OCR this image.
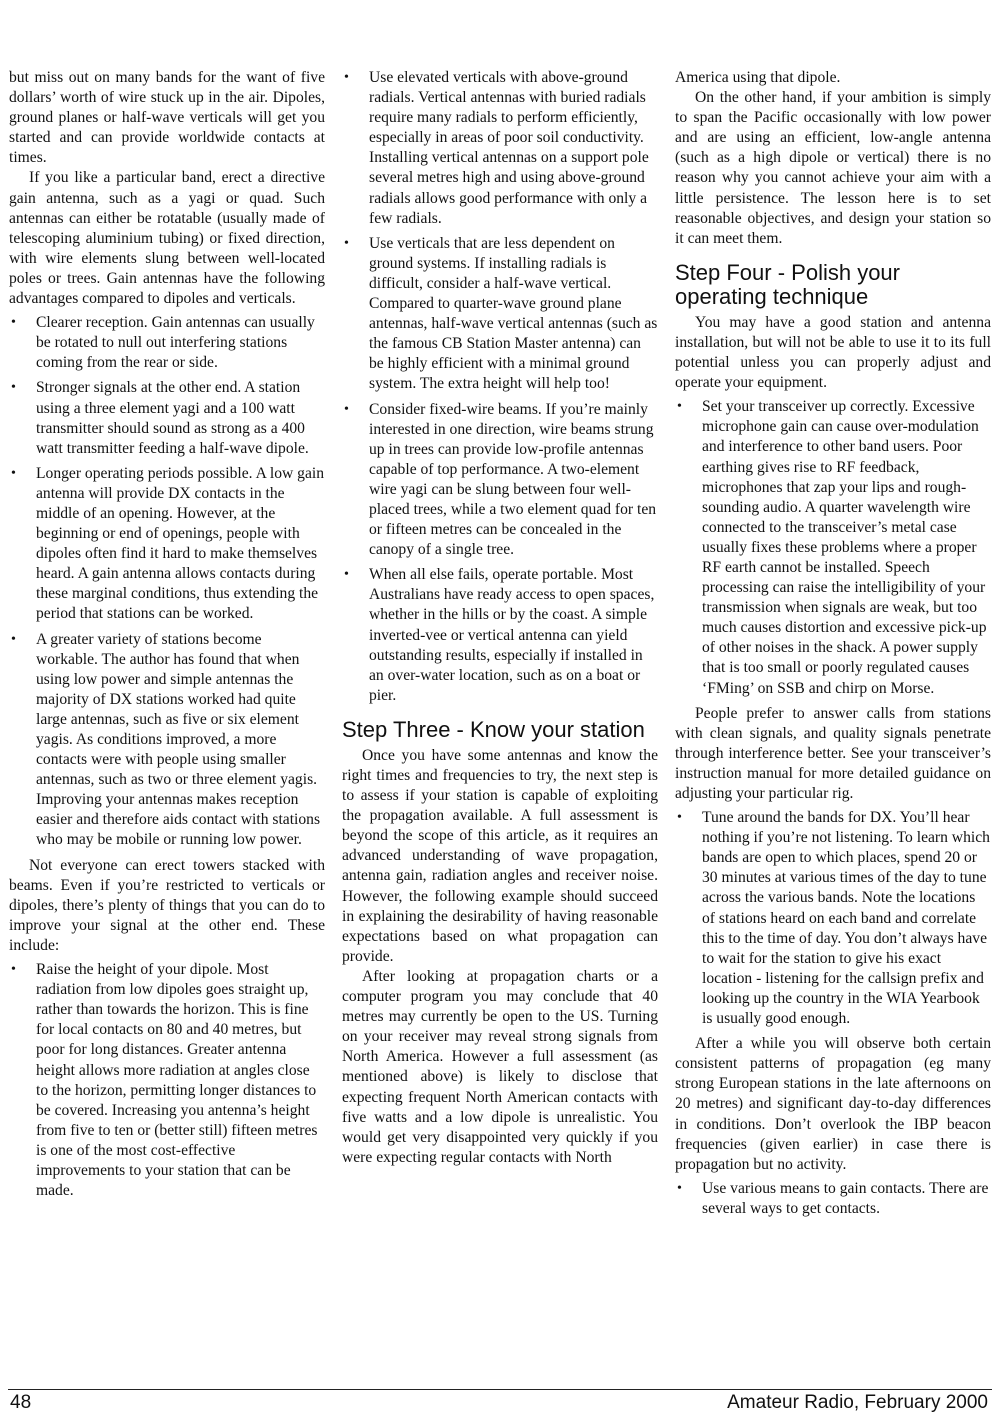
but miss out on many bands for the want of five dollars’ worth of wire stuck up in the air. Dipoles, ground planes or half-wave verticals will get you started and can provide worldwide contacts at times.

If you like a particular band, erect a directive gain antenna, such as a yagi or quad. Such antennas can either be rotatable (usually made of telescoping aluminium tubing) or fixed direction, with wire elements slung between well-located poles or trees. Gain antennas have the following advantages compared to dipoles and verticals.

• Clearer reception. Gain antennas can usually be rotated to null out interfering stations coming from the rear or side.
• Stronger signals at the other end. A station using a three element yagi and a 100 watt transmitter should sound as strong as a 400 watt transmitter feeding a half-wave dipole.
• Longer operating periods possible. A low gain antenna will provide DX contacts in the middle of an opening. However, at the beginning or end of openings, people with dipoles often find it hard to make themselves heard. A gain antenna allows contacts during these marginal conditions, thus extending the period that stations can be worked.
• A greater variety of stations become workable. The author has found that when using low power and simple antennas the majority of DX stations worked had quite large antennas, such as five or six element yagis. As conditions improved, a more contacts were with people using smaller antennas, such as two or three element yagis. Improving your antennas makes reception easier and therefore aids contact with stations who may be mobile or running low power.

Not everyone can erect towers stacked with beams. Even if you’re restricted to verticals or dipoles, there’s plenty of things that you can do to improve your signal at the other end. These include:

• Raise the height of your dipole. Most radiation from low dipoles goes straight up, rather than towards the horizon. This is fine for local contacts on 80 and 40 metres, but poor for long distances. Greater antenna height allows more radiation at angles close to the horizon, permitting longer distances to be covered. Increasing you antenna’s height from five to ten or (better still) fifteen metres is one of the most cost-effective improvements to your station that can be made.
• Use elevated verticals with above-ground radials. Vertical antennas with buried radials require many radials to perform efficiently, especially in areas of poor soil conductivity. Installing vertical antennas on a support pole several metres high and using above-ground radials allows good performance with only a few radials.
• Use verticals that are less dependent on ground systems. If installing radials is difficult, consider a half-wave vertical. Compared to quarter-wave ground plane antennas, half-wave vertical antennas (such as the famous CB Station Master antenna) can be highly efficient with a minimal ground system. The extra height will help too!
• Consider fixed-wire beams. If you’re mainly interested in one direction, wire beams strung up in trees can provide low-profile antennas capable of top performance. A two-element wire yagi can be slung between four well-placed trees, while a two element quad for ten or fifteen metres can be concealed in the canopy of a single tree.
• When all else fails, operate portable. Most Australians have ready access to open spaces, whether in the hills or by the coast. A simple inverted-vee or vertical antenna can yield outstanding results, especially if installed in an over-water location, such as on a boat or pier.
Step Three - Know your station

Once you have some antennas and know the right times and frequencies to try, the next step is to assess if your station is capable of exploiting the propagation available. A full assessment is beyond the scope of this article, as it requires an advanced understanding of wave propagation, antenna gain, radiation angles and receiver noise. However, the following example should succeed in explaining the desirability of having reasonable expectations based on what propagation can provide.

After looking at propagation charts or a computer program you may conclude that 40 metres may currently be open to the US. Turning on your receiver may reveal strong signals from North America. However a full assessment (as mentioned above) is likely to disclose that expecting frequent North American contacts with five watts and a low dipole is unrealistic. You would get very disappointed very quickly if you were expecting regular contacts with North

America using that dipole.

On the other hand, if your ambition is simply to span the Pacific occasionally with low power and are using an efficient, low-angle antenna (such as a high dipole or vertical) there is no reason why you cannot achieve your aim with a little persistence. The lesson here is to set reasonable objectives, and design your station so it can meet them.

Step Four - Polish your operating technique

You may have a good station and antenna installation, but will not be able to use it to its full potential unless you can properly adjust and operate your equipment.

• Set your transceiver up correctly. Excessive microphone gain can cause over-modulation and interference to other band users. Poor earthing gives rise to RF feedback, microphones that zap your lips and rough-sounding audio. A quarter wavelength wire connected to the transceiver’s metal case usually fixes these problems where a proper RF earth cannot be installed. Speech processing can raise the intelligibility of your transmission when signals are weak, but too much causes distortion and excessive pick-up of other noises in the shack. A power supply that is too small or poorly regulated causes ‘FMing’ on SSB and chirp on Morse.

People prefer to answer calls from stations with clean signals, and quality signals penetrate through interference better. See your transceiver’s instruction manual for more detailed guidance on adjusting your particular rig.

• Tune around the bands for DX. You’ll hear nothing if you’re not listening. To learn which bands are open to which places, spend 20 or 30 minutes at various times of the day to tune across the various bands. Note the locations of stations heard on each band and correlate this to the time of day. You don’t always have to wait for the station to give his exact location - listening for the callsign prefix and looking up the country in the WIA Yearbook is usually good enough.

After a while you will observe both certain consistent patterns of propagation (eg many strong European stations in the late afternoons on 20 metres) and significant day-to-day differences in conditions. Don’t overlook the IBP beacon frequencies (given earlier) in case there is propagation but no activity.

• Use various means to gain contacts. There are several ways to get contacts.
48	Amateur Radio, February 2000
